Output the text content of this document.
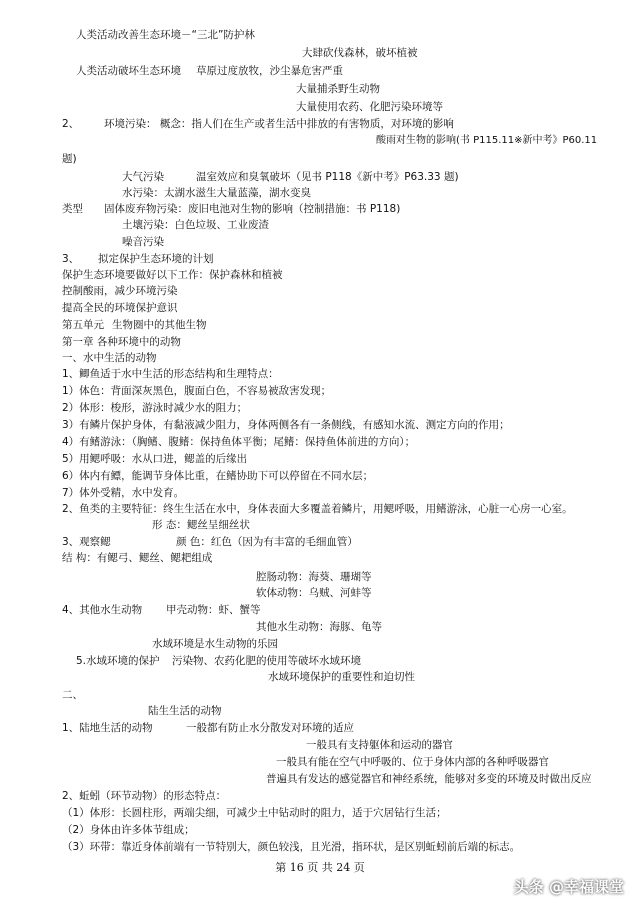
人类活动改善生态环境－“三北”防护林
大肆砍伐森林，破坏植被
人类活动破坏生态环境 草原过度放牧，沙尘暴危害严重
大量捕杀野生动物
大量使用农药、化肥污染环境等
2、 环境污染： 概念：指人们在生产或者生活中排放的有害物质，对环境的影响
酸雨对生物的影响(书 P115.11※新中考》P60.11
题)
大气污染	温室效应和臭氧破坏（见书 P118《新中考》P63.33 题)
水污染：太湖水滋生大量蓝藻，湖水变臭
类型 固体废弃物污染：废旧电池对生物的影响（控制措施：书 P118)
土壤污染：白色垃圾、工业废渣
噪音污染
3、 拟定保护生态环境的计划
保护生态环境要做好以下工作：保护森林和植被
控制酸雨，减少环境污染
提高全民的环境保护意识
第五单元 生物圈中的其他生物
第一章 各种环境中的动物
一、水中生活的动物
1、鲫鱼适于水中生活的形态结构和生理特点：
1）体色：背面深灰黑色，腹面白色，不容易被敌害发现；
2）体形：梭形，游泳时减少水的阻力；
3）有鳞片保护身体，有黏液减少阻力，身体两侧各有一条侧线，有感知水流、测定方向的作用；
4）有鳍游泳：（胸鳍、腹鳍：保持鱼体平衡；尾鳍：保持鱼体前进的方向）；
5）用鳃呼吸：水从口进，鳃盖的后缘出
6）体内有鳔，能调节身体比重，在鳍协助下可以停留在不同水层；
7）体外受精，水中发育。
2、鱼类的主要特征：终生生活在水中，身体表面大多覆盖着鳞片，用鳃呼吸，用鳍游泳，心脏一心房一心室。
形 态：鳃丝呈细丝状
3、观察鳃	颜 色：红色（因为有丰富的毛细血管）
结 构：有鳃弓、鳃丝、鳃耙组成
腔肠动物：海葵、珊瑚等
软体动物：乌贼、河蚌等
4、其他水生动物 甲壳动物：虾、蟹等
其他水生动物：海豚、龟等
水域环境是水生动物的乐园
5.水域环境的保护 污染物、农药化肥的使用等破坏水域环境
水域环境保护的重要性和迫切性
二、
陆生生活的动物
1、陆地生活的动物	一般都有防止水分散发对环境的适应
一般具有支持躯体和运动的器官
一般具有能在空气中呼吸的、位于身体内部的各种呼吸器官
普遍具有发达的感觉器官和神经系统，能够对多变的环境及时做出反应
2、蚯蚓（环节动物）的形态特点：
（1）体形：长圆柱形，两端尖细，可减少土中钻动时的阻力，适于穴居钻行生活；
（2）身体由许多体节组成；
（3）环带：靠近身体前端有一节特别大，颜色较浅，且光滑，指环状，是区别蚯蚓前后端的标志。
第 16 页 共 24 页
头条 @幸福课堂
